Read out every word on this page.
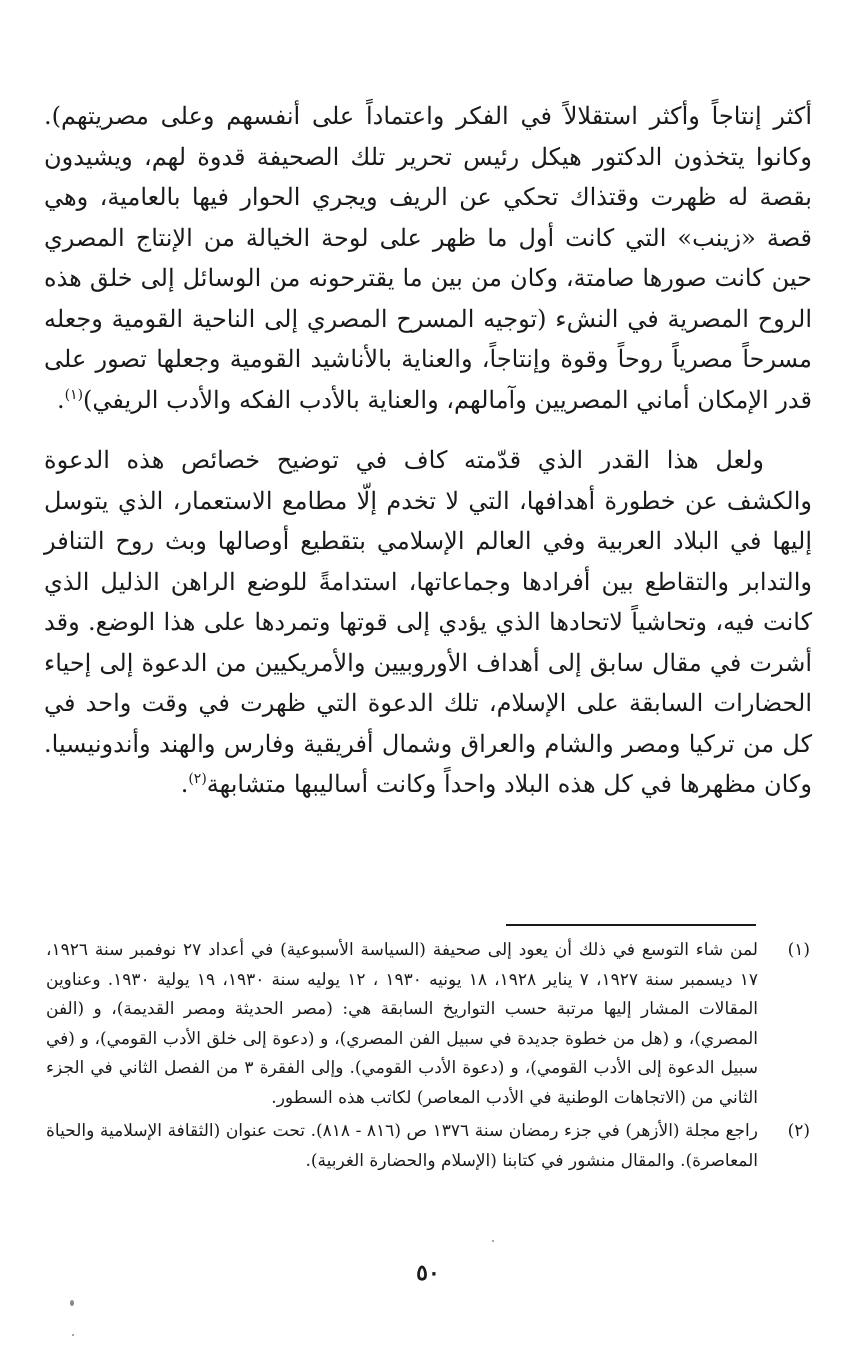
أكثر إنتاجاً وأكثر استقلالاً في الفكر واعتماداً على أنفسهم وعلى مصريتهم). وكانوا يتخذون الدكتور هيكل رئيس تحرير تلك الصحيفة قدوة لهم، ويشيدون بقصة له ظهرت وقتذاك تحكي عن الريف ويجري الحوار فيها بالعامية، وهي قصة «زينب» التي كانت أول ما ظهر على لوحة الخيالة من الإنتاج المصري حين كانت صورها صامتة، وكان من بين ما يقترحونه من الوسائل إلى خلق هذه الروح المصرية في النشء (توجيه المسرح المصري إلى الناحية القومية وجعله مسرحاً مصرياً روحاً وقوة وإنتاجاً، والعناية بالأناشيد القومية وجعلها تصور على قدر الإمكان أماني المصريين وآمالهم، والعناية بالأدب الفكه والأدب الريفي)$^{(١)}$.

ولعل هذا القدر الذي قدّمته كاف في توضيح خصائص هذه الدعوة والكشف عن خطورة أهدافها، التي لا تخدم إلّا مطامع الاستعمار، الذي يتوسل إليها في البلاد العربية وفي العالم الإسلامي بتقطيع أوصالها وبث روح التنافر والتدابر والتقاطع بين أفرادها وجماعاتها، استدامةً للوضع الراهن الذليل الذي كانت فيه، وتحاشياً لاتحادها الذي يؤدي إلى قوتها وتمردها على هذا الوضع. وقد أشرت في مقال سابق إلى أهداف الأوروبيين والأمريكيين من الدعوة إلى إحياء الحضارات السابقة على الإسلام، تلك الدعوة التي ظهرت في وقت واحد في كل من تركيا ومصر والشام والعراق وشمال أفريقية وفارس والهند وأندونيسيا. وكان مظهرها في كل هذه البلاد واحداً وكانت أساليبها متشابهة$^{(٢)}$.

(١)
لمن شاء التوسع في ذلك أن يعود إلى صحيفة (السياسة الأسبوعية) في أعداد ٢٧ نوفمبر سنة ١٩٢٦، ١٧ ديسمبر سنة ١٩٢٧، ٧ يناير ١٩٢٨، ١٨ يونيه ١٩٣٠ ، ١٢ يوليه سنة ١٩٣٠، ١٩ يولية ١٩٣٠. وعناوين المقالات المشار إليها مرتبة حسب التواريخ السابقة هي: (مصر الحديثة ومصر القديمة)، و (الفن المصري)، و (هل من خطوة جديدة في سبيل الفن المصري)، و (دعوة إلى خلق الأدب القومي)، و (في سبيل الدعوة إلى الأدب القومي)، و (دعوة الأدب القومي). وإلى الفقرة ٣ من الفصل الثاني في الجزء الثاني من (الاتجاهات الوطنية في الأدب المعاصر) لكاتب هذه السطور.
(٢)
راجع مجلة (الأزهر) في جزء رمضان سنة ١٣٧٦ ص (٨١٦ - ٨١٨). تحت عنوان (الثقافة الإسلامية والحياة المعاصرة). والمقال منشور في كتابنا (الإسلام والحضارة الغربية).
٥٠
